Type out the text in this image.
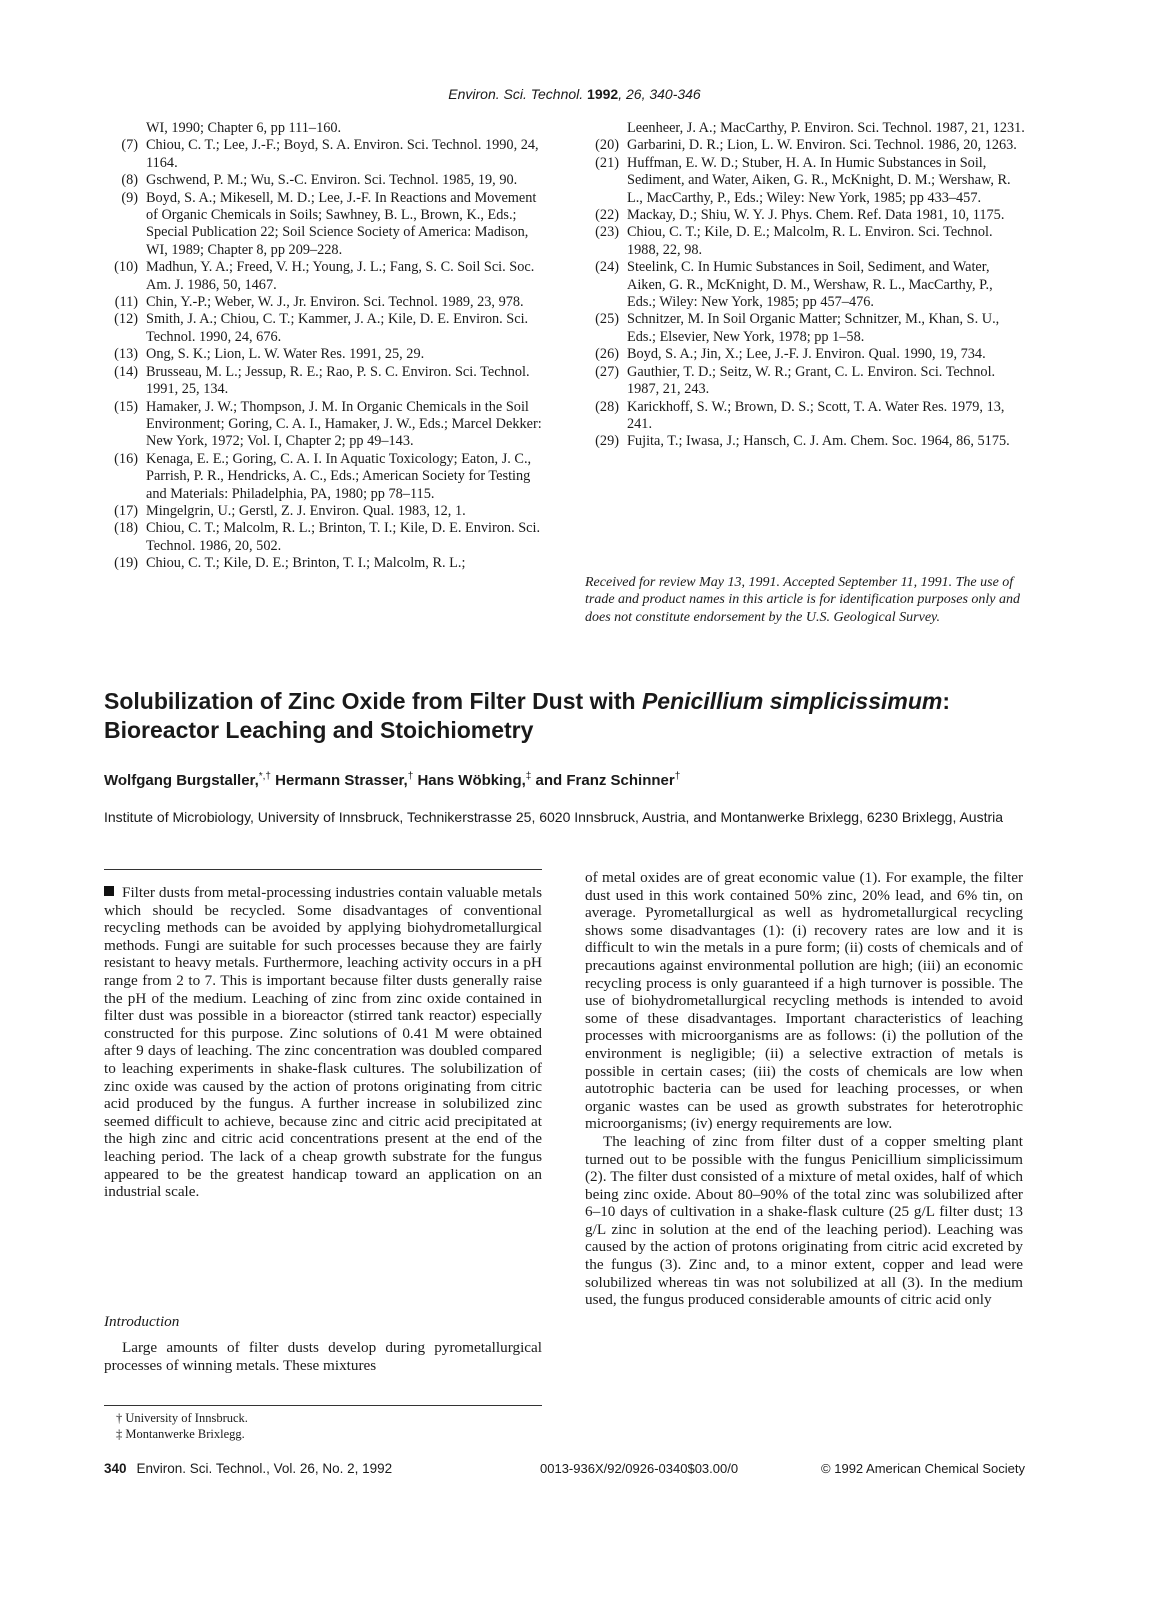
Environ. Sci. Technol. 1992, 26, 340-346

WI, 1990; Chapter 6, pp 111–160.

(7) Chiou, C. T.; Lee, J.-F.; Boyd, S. A. Environ. Sci. Technol. 1990, 24, 1164.

(8) Gschwend, P. M.; Wu, S.-C. Environ. Sci. Technol. 1985, 19, 90.

(9) Boyd, S. A.; Mikesell, M. D.; Lee, J.-F. In Reactions and Movement of Organic Chemicals in Soils; Sawhney, B. L., Brown, K., Eds.; Special Publication 22; Soil Science Society of America: Madison, WI, 1989; Chapter 8, pp 209–228.

(10) Madhun, Y. A.; Freed, V. H.; Young, J. L.; Fang, S. C. Soil Sci. Soc. Am. J. 1986, 50, 1467.

(11) Chin, Y.-P.; Weber, W. J., Jr. Environ. Sci. Technol. 1989, 23, 978.

(12) Smith, J. A.; Chiou, C. T.; Kammer, J. A.; Kile, D. E. Environ. Sci. Technol. 1990, 24, 676.

(13) Ong, S. K.; Lion, L. W. Water Res. 1991, 25, 29.

(14) Brusseau, M. L.; Jessup, R. E.; Rao, P. S. C. Environ. Sci. Technol. 1991, 25, 134.

(15) Hamaker, J. W.; Thompson, J. M. In Organic Chemicals in the Soil Environment; Goring, C. A. I., Hamaker, J. W., Eds.; Marcel Dekker: New York, 1972; Vol. I, Chapter 2; pp 49–143.

(16) Kenaga, E. E.; Goring, C. A. I. In Aquatic Toxicology; Eaton, J. C., Parrish, P. R., Hendricks, A. C., Eds.; American Society for Testing and Materials: Philadelphia, PA, 1980; pp 78–115.

(17) Mingelgrin, U.; Gerstl, Z. J. Environ. Qual. 1983, 12, 1.

(18) Chiou, C. T.; Malcolm, R. L.; Brinton, T. I.; Kile, D. E. Environ. Sci. Technol. 1986, 20, 502.

(19) Chiou, C. T.; Kile, D. E.; Brinton, T. I.; Malcolm, R. L.;

Leenheer, J. A.; MacCarthy, P. Environ. Sci. Technol. 1987, 21, 1231.

(20) Garbarini, D. R.; Lion, L. W. Environ. Sci. Technol. 1986, 20, 1263.

(21) Huffman, E. W. D.; Stuber, H. A. In Humic Substances in Soil, Sediment, and Water, Aiken, G. R., McKnight, D. M.; Wershaw, R. L., MacCarthy, P., Eds.; Wiley: New York, 1985; pp 433–457.

(22) Mackay, D.; Shiu, W. Y. J. Phys. Chem. Ref. Data 1981, 10, 1175.

(23) Chiou, C. T.; Kile, D. E.; Malcolm, R. L. Environ. Sci. Technol. 1988, 22, 98.

(24) Steelink, C. In Humic Substances in Soil, Sediment, and Water, Aiken, G. R., McKnight, D. M., Wershaw, R. L., MacCarthy, P., Eds.; Wiley: New York, 1985; pp 457–476.

(25) Schnitzer, M. In Soil Organic Matter; Schnitzer, M., Khan, S. U., Eds.; Elsevier, New York, 1978; pp 1–58.

(26) Boyd, S. A.; Jin, X.; Lee, J.-F. J. Environ. Qual. 1990, 19, 734.

(27) Gauthier, T. D.; Seitz, W. R.; Grant, C. L. Environ. Sci. Technol. 1987, 21, 243.

(28) Karickhoff, S. W.; Brown, D. S.; Scott, T. A. Water Res. 1979, 13, 241.

(29) Fujita, T.; Iwasa, J.; Hansch, C. J. Am. Chem. Soc. 1964, 86, 5175.

Received for review May 13, 1991. Accepted September 11, 1991. The use of trade and product names in this article is for identification purposes only and does not constitute endorsement by the U.S. Geological Survey.
Solubilization of Zinc Oxide from Filter Dust with Penicillium simplicissimum: Bioreactor Leaching and Stoichiometry
Wolfgang Burgstaller,*,† Hermann Strasser,† Hans Wöbking,‡ and Franz Schinner†
Institute of Microbiology, University of Innsbruck, Technikerstrasse 25, 6020 Innsbruck, Austria, and Montanwerke Brixlegg, 6230 Brixlegg, Austria
Filter dusts from metal-processing industries contain valuable metals which should be recycled. Some disadvantages of conventional recycling methods can be avoided by applying biohydrometallurgical methods. Fungi are suitable for such processes because they are fairly resistant to heavy metals. Furthermore, leaching activity occurs in a pH range from 2 to 7. This is important because filter dusts generally raise the pH of the medium. Leaching of zinc from zinc oxide contained in filter dust was possible in a bioreactor (stirred tank reactor) especially constructed for this purpose. Zinc solutions of 0.41 M were obtained after 9 days of leaching. The zinc concentration was doubled compared to leaching experiments in shake-flask cultures. The solubilization of zinc oxide was caused by the action of protons originating from citric acid produced by the fungus. A further increase in solubilized zinc seemed difficult to achieve, because zinc and citric acid precipitated at the high zinc and citric acid concentrations present at the end of the leaching period. The lack of a cheap growth substrate for the fungus appeared to be the greatest handicap toward an application on an industrial scale.
Introduction
Large amounts of filter dusts develop during pyrometallurgical processes of winning metals. These mixtures

of metal oxides are of great economic value (1). For example, the filter dust used in this work contained 50% zinc, 20% lead, and 6% tin, on average. Pyrometallurgical as well as hydrometallurgical recycling shows some disadvantages (1): (i) recovery rates are low and it is difficult to win the metals in a pure form; (ii) costs of chemicals and of precautions against environmental pollution are high; (iii) an economic recycling process is only guaranteed if a high turnover is possible. The use of biohydrometallurgical recycling methods is intended to avoid some of these disadvantages. Important characteristics of leaching processes with microorganisms are as follows: (i) the pollution of the environment is negligible; (ii) a selective extraction of metals is possible in certain cases; (iii) the costs of chemicals are low when autotrophic bacteria can be used for leaching processes, or when organic wastes can be used as growth substrates for heterotrophic microorganisms; (iv) energy requirements are low.

The leaching of zinc from filter dust of a copper smelting plant turned out to be possible with the fungus Penicillium simplicissimum (2). The filter dust consisted of a mixture of metal oxides, half of which being zinc oxide. About 80–90% of the total zinc was solubilized after 6–10 days of cultivation in a shake-flask culture (25 g/L filter dust; 13 g/L zinc in solution at the end of the leaching period). Leaching was caused by the action of protons originating from citric acid excreted by the fungus (3). Zinc and, to a minor extent, copper and lead were solubilized whereas tin was not solubilized at all (3). In the medium used, the fungus produced considerable amounts of citric acid only

† University of Innsbruck.

‡ Montanwerke Brixlegg.

340 Environ. Sci. Technol., Vol. 26, No. 2, 1992	0013-936X/92/0926-0340$03.00/0	© 1992 American Chemical Society
